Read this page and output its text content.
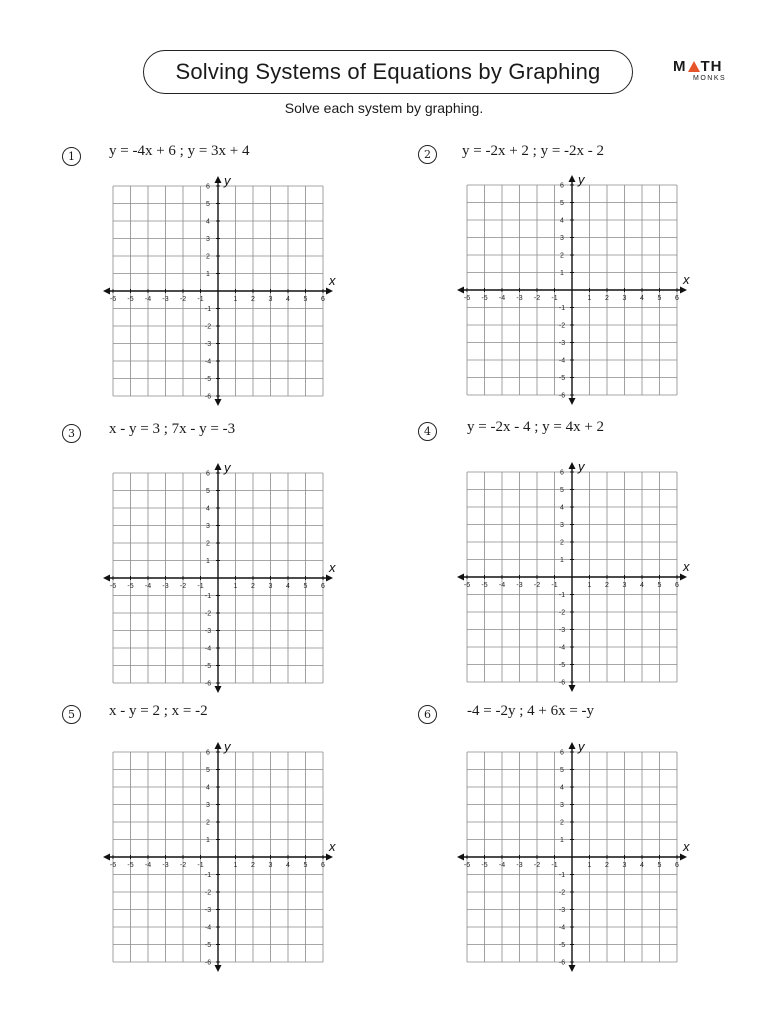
Solving Systems of Equations by Graphing	M TH
MONKS
Solve each system by graphing.
1	y = -4x + 6 ; y = 3x + 4
-6
-6
-5
-5
-4
-4
-3
-3
-2
-2
-1
-1
1
1
2
2
3
3
4
4
5
5
6
6
x
y
2	y = -2x + 2 ; y = -2x - 2
-6
-6
-5
-5
-4
-4
-3
-3
-2
-2
-1
-1
1
1
2
2
3
3
4
4
5
5
6
6
x
y
3	x - y = 3 ; 7x - y = -3
-6
-6
-5
-5
-4
-4
-3
-3
-2
-2
-1
-1
1
1
2
2
3
3
4
4
5
5
6
6
x
y
4	y = -2x - 4 ; y = 4x + 2
-6
-6
-5
-5
-4
-4
-3
-3
-2
-2
-1
-1
1
1
2
2
3
3
4
4
5
5
6
6
x
y
5	x - y = 2 ; x = -2
-6
-6
-5
-5
-4
-4
-3
-3
-2
-2
-1
-1
1
1
2
2
3
3
4
4
5
5
6
6
x
y
6	-4 = -2y ; 4 + 6x = -y
-6
-6
-5
-5
-4
-4
-3
-3
-2
-2
-1
-1
1
1
2
2
3
3
4
4
5
5
6
6
x
y
